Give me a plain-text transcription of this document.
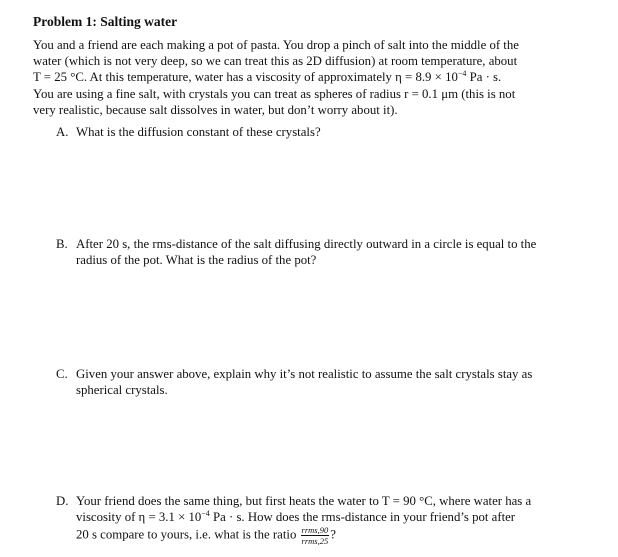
Problem 1: Salting water
You and a friend are each making a pot of pasta. You drop a pinch of salt into the middle of the
water (which is not very deep, so we can treat this as 2D diffusion) at room temperature, about
T = 25 °C. At this temperature, water has a viscosity of approximately $\eta = 8.9 \times 10^{-4}$ Pa · s.
You are using a fine salt, with crystals you can treat as spheres of radius r = 0.1 μm (this is not
very realistic, because salt dissolves in water, but don’t worry about it).
A. What is the diffusion constant of these crystals?
B. After 20 s, the rms-distance of the salt diffusing directly outward in a circle is equal to the
radius of the pot. What is the radius of the pot?
C. Given your answer above, explain why it’s not realistic to assume the salt crystals stay as
spherical crystals.
D. Your friend does the same thing, but first heats the water to T = 90 °C, where water has a
viscosity of $\eta = 3.1 \times 10^{-4}$ Pa · s. How does the rms-distance in your friend’s pot after
20 s compare to yours, i.e. what is the ratio $\frac{\text{rrms,90}}{\text{rrms,25}}$ ?
